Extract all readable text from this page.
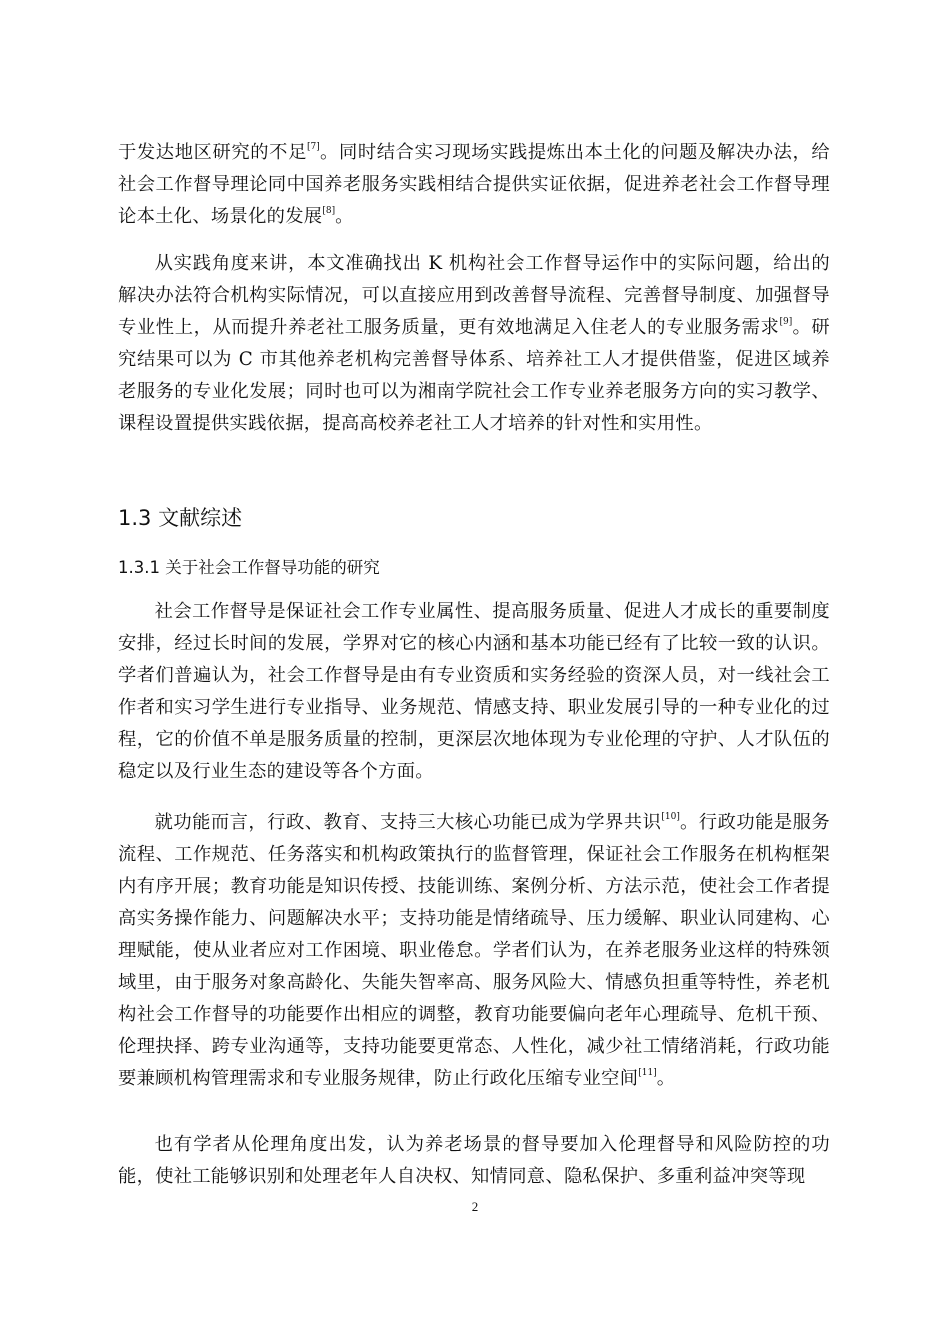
于发达地区研究的不足[7]。同时结合实习现场实践提炼出本土化的问题及解决办法，给社会工作督导理论同中国养老服务实践相结合提供实证依据，促进养老社会工作督导理论本土化、场景化的发展[8]。

从实践角度来讲，本文准确找出 K 机构社会工作督导运作中的实际问题，给出的解决办法符合机构实际情况，可以直接应用到改善督导流程、完善督导制度、加强督导专业性上，从而提升养老社工服务质量，更有效地满足入住老人的专业服务需求[9]。研究结果可以为 C 市其他养老机构完善督导体系、培养社工人才提供借鉴，促进区域养老服务的专业化发展；同时也可以为湘南学院社会工作专业养老服务方向的实习教学、课程设置提供实践依据，提高高校养老社工人才培养的针对性和实用性。

1.3 文献综述
1.3.1 关于社会工作督导功能的研究

社会工作督导是保证社会工作专业属性、提高服务质量、促进人才成长的重要制度安排，经过长时间的发展，学界对它的核心内涵和基本功能已经有了比较一致的认识。学者们普遍认为，社会工作督导是由有专业资质和实务经验的资深人员，对一线社会工作者和实习学生进行专业指导、业务规范、情感支持、职业发展引导的一种专业化的过程，它的价值不单是服务质量的控制，更深层次地体现为专业伦理的守护、人才队伍的稳定以及行业生态的建设等各个方面。

就功能而言，行政、教育、支持三大核心功能已成为学界共识[10]。行政功能是服务流程、工作规范、任务落实和机构政策执行的监督管理，保证社会工作服务在机构框架内有序开展；教育功能是知识传授、技能训练、案例分析、方法示范，使社会工作者提高实务操作能力、问题解决水平；支持功能是情绪疏导、压力缓解、职业认同建构、心理赋能，使从业者应对工作困境、职业倦怠。学者们认为，在养老服务业这样的特殊领域里，由于服务对象高龄化、失能失智率高、服务风险大、情感负担重等特性，养老机构社会工作督导的功能要作出相应的调整，教育功能要偏向老年心理疏导、危机干预、伦理抉择、跨专业沟通等，支持功能要更常态、人性化，减少社工情绪消耗，行政功能要兼顾机构管理需求和专业服务规律，防止行政化压缩专业空间[11]。

也有学者从伦理角度出发，认为养老场景的督导要加入伦理督导和风险防控的功能，使社工能够识别和处理老年人自决权、知情同意、隐私保护、多重利益冲突等现

2
